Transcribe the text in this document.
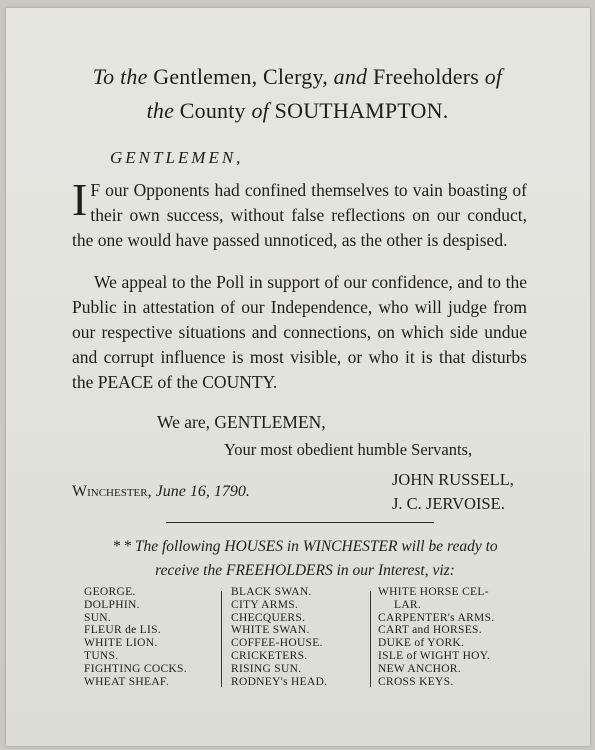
To the Gentlemen, Clergy, and Freeholders of
the County of SOUTHAMPTON.
GENTLEMEN,
I F our Opponents had confined themselves to vain boasting of their own success, without false reflections on our conduct, the one would have passed unnoticed, as the other is despised.
We appeal to the Poll in support of our confidence, and to the Public in attestation of our Independence, who will judge from our respective situations and connections, on which side undue and corrupt influence is most visible, or who it is that disturbs the PEACE of the COUNTY.
We are, GENTLEMEN,
Your most obedient humble Servants,
JOHN RUSSELL,
J. C. JERVOISE.
Winchester, June 16, 1790.
* * The following HOUSES in WINCHESTER will be ready to
receive the FREEHOLDERS in our Interest, viz:
GEORGE.
DOLPHIN.
SUN.
FLEUR de LIS.
WHITE LION.
TUNS.
FIGHTING COCKS.
WHEAT SHEAF.
BLACK SWAN.
CITY ARMS.
CHECQUERS.
WHITE SWAN.
COFFEE-HOUSE.
CRICKETERS.
RISING SUN.
RODNEY's HEAD.
WHITE HORSE CEL-
LAR.
CARPENTER's ARMS.
CART and HORSES.
DUKE of YORK.
ISLE of WIGHT HOY.
NEW ANCHOR.
CROSS KEYS.
